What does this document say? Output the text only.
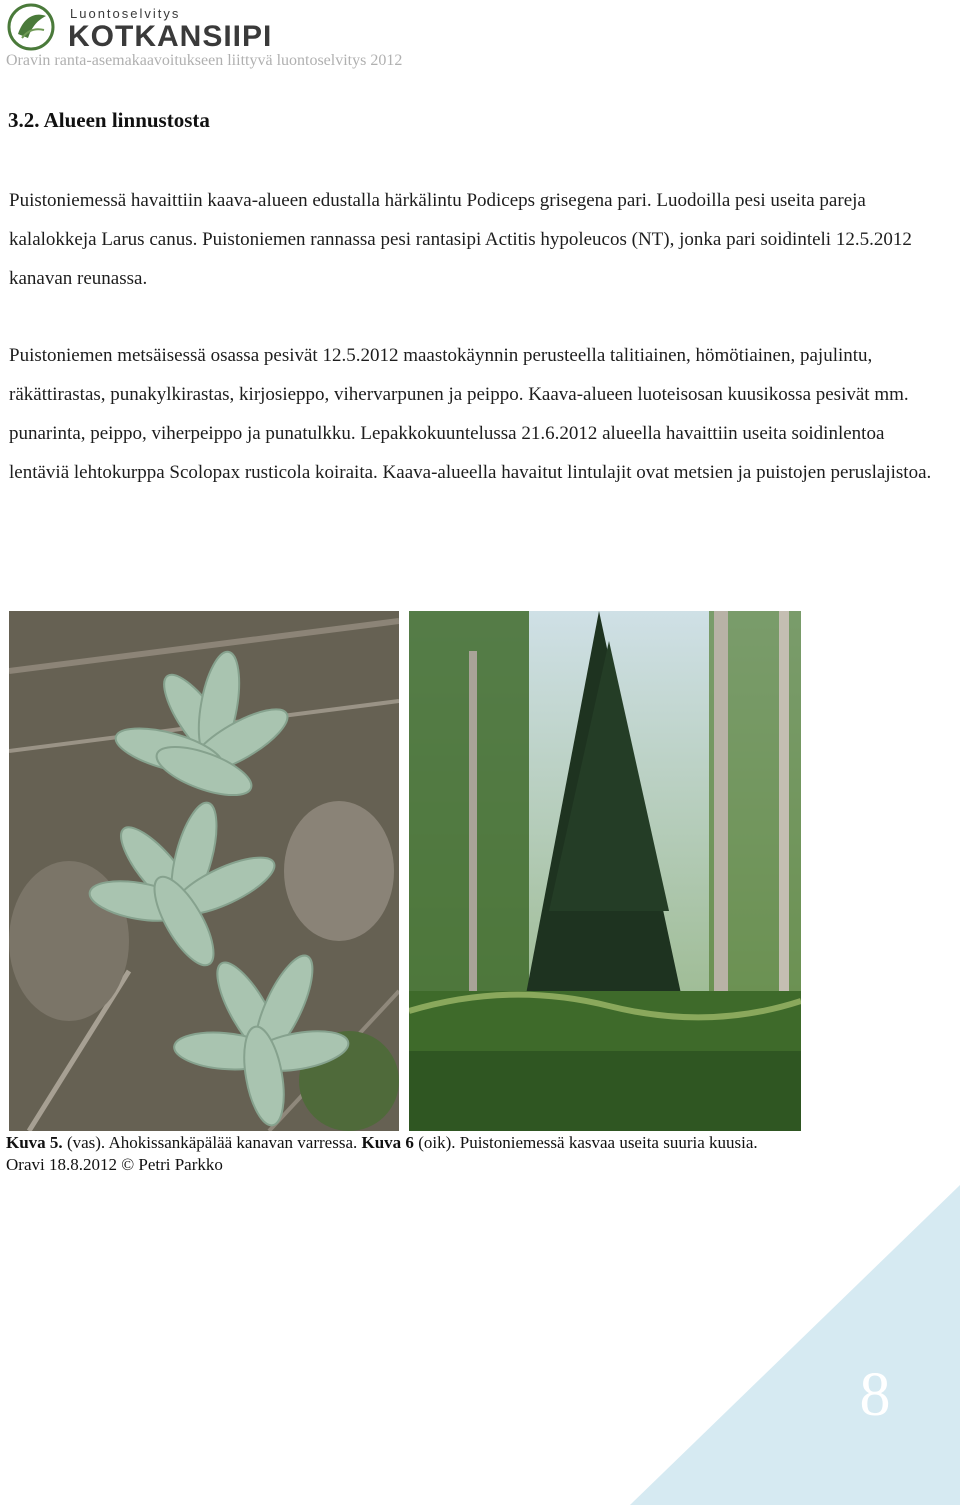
Luontoselvitys
KOTKANSIIPI
Oravin ranta-asemakaavoitukseen liittyvä luontoselvitys 2012
3.2. Alueen linnustosta

Puistoniemessä havaittiin kaava-alueen edustalla härkälintu Podiceps grisegena pari. Luodoilla pesi useita pareja kalalokkeja Larus canus. Puistoniemen rannassa pesi rantasipi Actitis hypoleucos (NT), jonka pari soidinteli 12.5.2012 kanavan reunassa.

Puistoniemen metsäisessä osassa pesivät 12.5.2012 maastokäynnin perusteella talitiainen, hömötiainen, pajulintu, räkättirastas, punakylkirastas, kirjosieppo, vihervarpunen ja peippo. Kaava-alueen luoteisosan kuusikossa pesivät mm. punarinta, peippo, viherpeippo ja punatulkku. Lepakkokuuntelussa 21.6.2012 alueella havaittiin useita soidinlentoa lentäviä lehtokurppa Scolopax rusticola koiraita. Kaava-alueella havaitut lintulajit ovat metsien ja puistojen peruslajistoa.

Kuva 5. (vas). Ahokissankäpälää kanavan varressa. Kuva 6 (oik). Puistoniemessä kasvaa useita suuria kuusia.
Oravi 18.8.2012 © Petri Parkko

8
